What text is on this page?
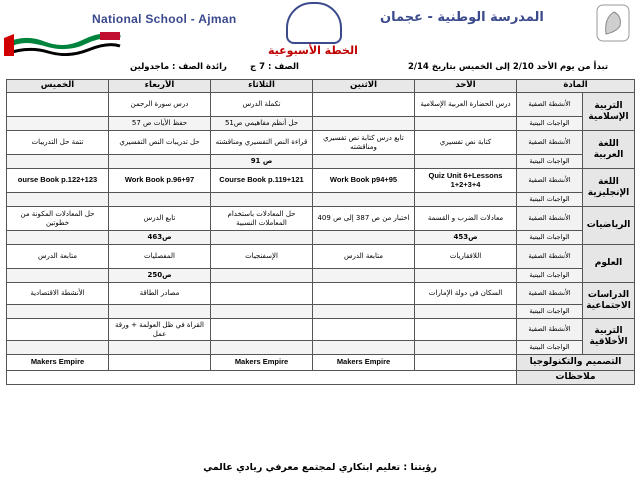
National School - Ajman	المدرسة الوطنية - عجمان
الخطة الأسبوعية
تبدأ من يوم الأحد 2/10 إلى الخميس بتاريخ 2/14
الصف : 7 ج
رائدة الصف : ماجدولين
المادة		الأحد	الاثنين	الثلاثاء	الأربعاء	الخميس
التربية الإسلامية	الأنشطة الصفية	درس الحضارة العربية الإسلامية		تكملة الدرس	درس سورة الرحمن	
	الواجبات البيتية			حل أنظم مفاهيمي ص51	حفظ الأيات ص 57	
اللغة العربية	الأنشطة الصفية	كتابة نص تفسيري	تابع درس كتابة نص تفسيري ومناقشته	قراءة النص التفسيري ومناقشته	حل تدريبات النص التفسيري	تتمة حل التدريبات
	الواجبات البيتية			ص 91		
اللغة الإنجليزية	الأنشطة الصفية	Quiz Unit 6+Lessons 1+2+3+4	Work Book p94+95	Course Book p.119+121	Work Book p.96+97	ourse Book p.122+123
	الواجبات البيتية					
الرياضيات	الأنشطة الصفية	معادلات الضرب و القسمة	اختبار من ص 387 إلى ص 409	حل المعادلات باستخدام المعاملات النسبية	تابع الدرس	حل المعادلات المكونة من خطوتين
	الواجبات البيتية	ص453			ص463	
العلوم	الأنشطة الصفية	اللافقاريات	متابعة الدرس	الإسفنجيات	المفصليات	متابعة الدرس
	الواجبات البيتية				ص250	
الدراسات الاجتماعية	الأنشطة الصفية	السكان في دولة الإمارات			مصادر الطاقة	الأنشطة الاقتصادية
	الواجبات البيتية					
التربية الأخلاقية	الأنشطة الصفية				القراة في ظل العولمة + ورقة عمل	
	الواجبات البيتية					
التصميم والتكنولوجيا			Makers Empire	Makers Empire		Makers Empire
ملاحظات						
رؤيتنا : تعليم ابتكاري لمجتمع معرفي ريادي عالمي
